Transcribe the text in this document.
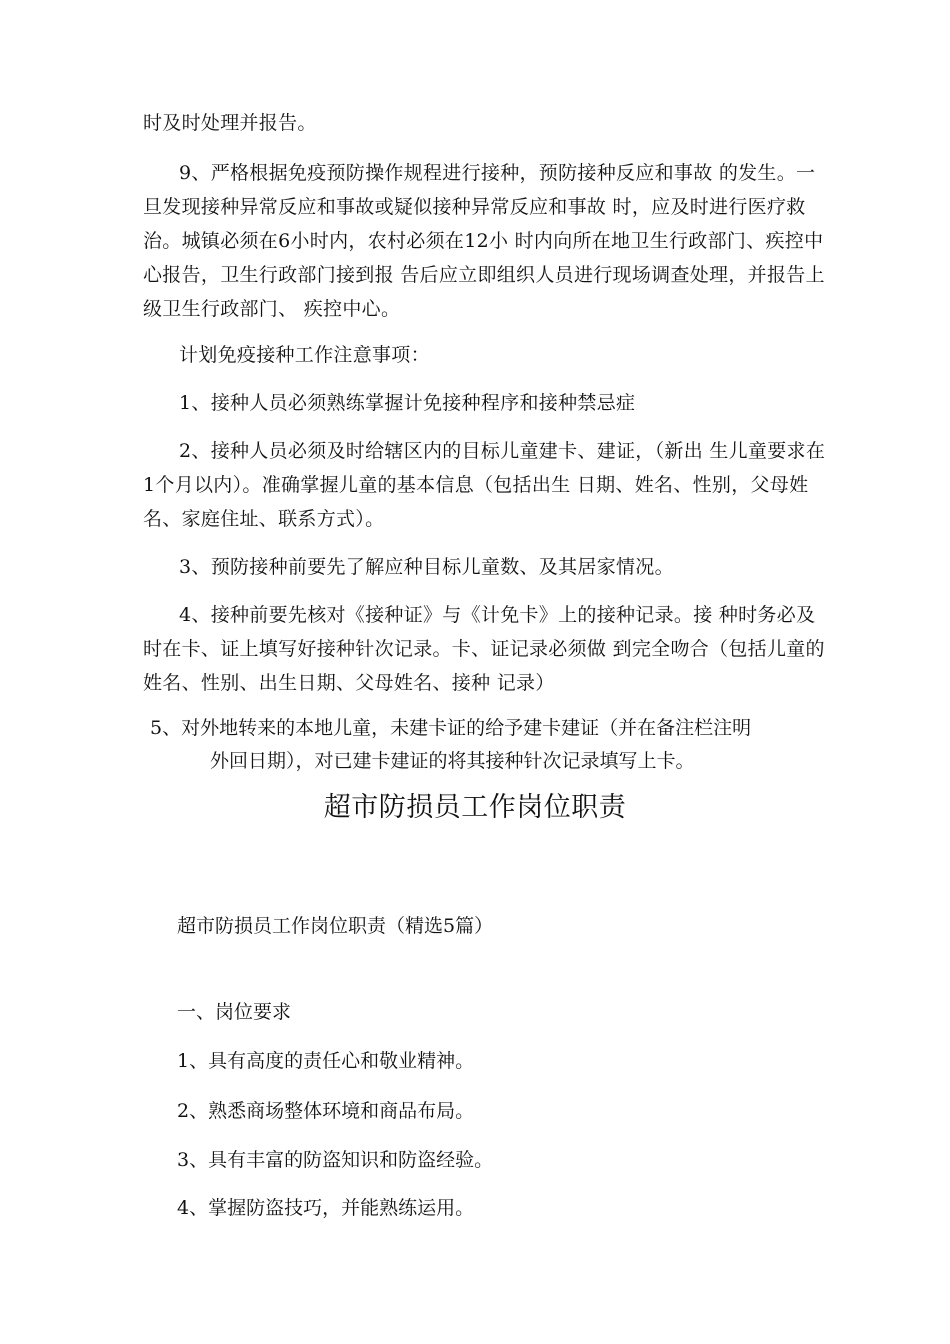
时及时处理并报告。

9、严格根据免疫预防操作规程进行接种，预防接种反应和事故 的发生。一旦发现接种异常反应和事故或疑似接种异常反应和事故 时，应及时进行医疗救治。城镇必须在6小时内，农村必须在12小 时内向所在地卫生行政部门、疾控中心报告，卫生行政部门接到报 告后应立即组织人员进行现场调查处理，并报告上级卫生行政部门、 疾控中心。

计划免疫接种工作注意事项：

1、接种人员必须熟练掌握计免接种程序和接种禁忌症

2、接种人员必须及时给辖区内的目标儿童建卡、建证，（新出 生儿童要求在1个月以内）。准确掌握儿童的基本信息（包括出生 日期、姓名、性别，父母姓名、家庭住址、联系方式）。

3、预防接种前要先了解应种目标儿童数、及其居家情况。

4、接种前要先核对《接种证》与《计免卡》上的接种记录。接 种时务必及时在卡、证上填写好接种针次记录。卡、证记录必须做 到完全吻合（包括儿童的姓名、性别、出生日期、父母姓名、接种 记录）

5、对外地转来的本地儿童，未建卡证的给予建卡建证（并在备注栏注明
外回日期），对已建卡建证的将其接种针次记录填写上卡。

超市防损员工作岗位职责

超市防损员工作岗位职责（精选5篇）

一、岗位要求

1、具有高度的责任心和敬业精神。

2、熟悉商场整体环境和商品布局。

3、具有丰富的防盗知识和防盗经验。

4、掌握防盗技巧，并能熟练运用。
